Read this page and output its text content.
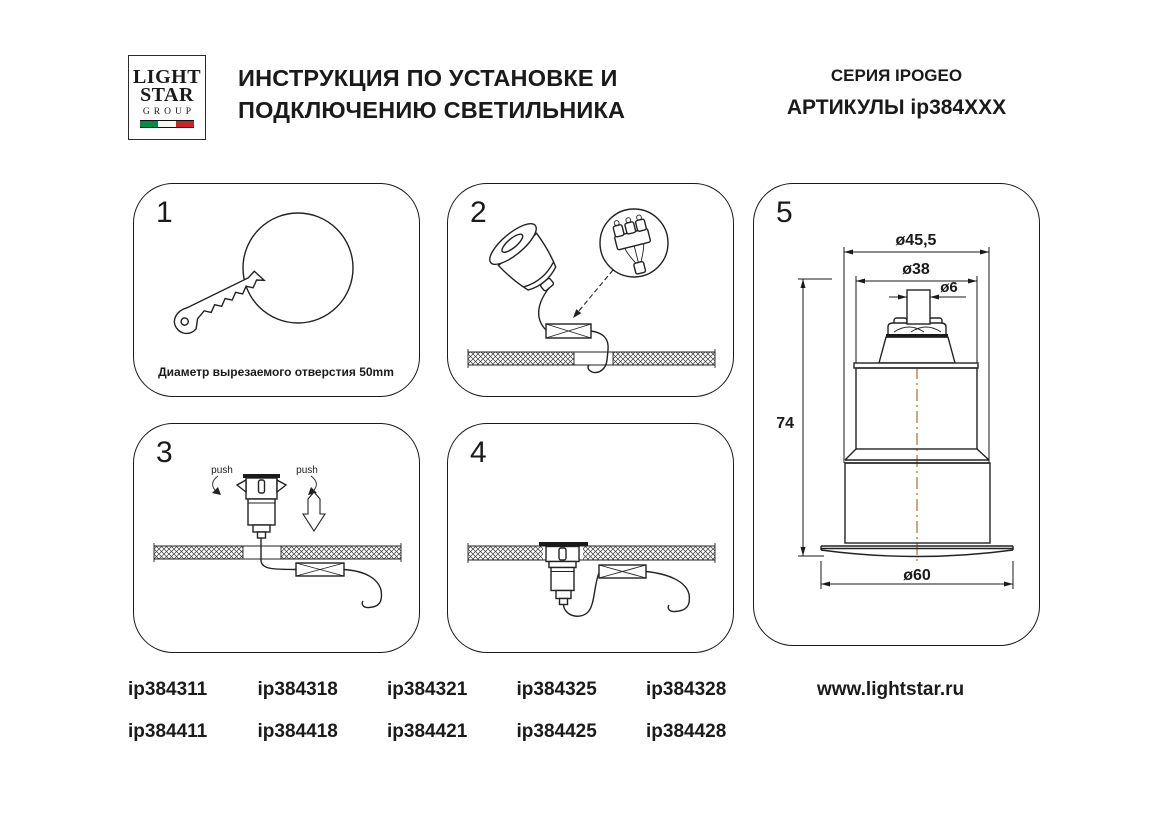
LIGHT
STAR
GROUP
ИНСТРУКЦИЯ ПО УСТАНОВКЕ И
ПОДКЛЮЧЕНИЮ СВЕТИЛЬНИКА
СЕРИЯ IPOGEO
АРТИКУЛЫ ip384XXX
1
Диаметр вырезаемого отверстия 50mm
2
3
push	push
4
5
ø45,5
ø38
ø6
74
ø60
ip384311	ip384318	ip384321	ip384325	ip384328
ip384411	ip384418	ip384421	ip384425	ip384428
www.lightstar.ru
